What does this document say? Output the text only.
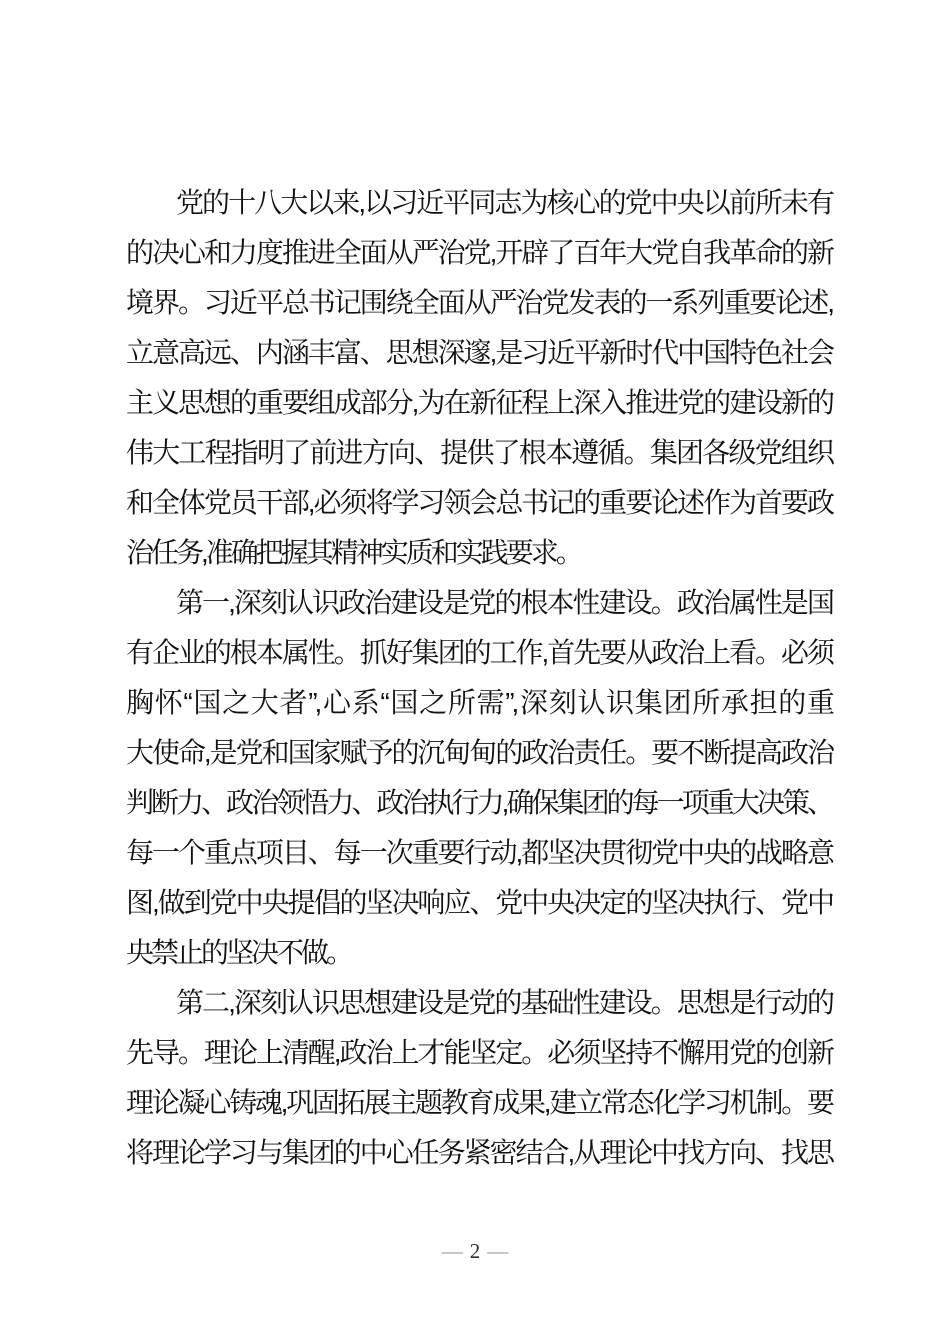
党的十八大以来,以习近平同志为核心的党中央以前所未有
的决心和力度推进全面从严治党,开辟了百年大党自我革命的新
境界。习近平总书记围绕全面从严治党发表的一系列重要论述,
立意高远、内涵丰富、思想深邃,是习近平新时代中国特色社会
主义思想的重要组成部分,为在新征程上深入推进党的建设新的
伟大工程指明了前进方向、提供了根本遵循。集团各级党组织
和全体党员干部,必须将学习领会总书记的重要论述作为首要政
治任务,准确把握其精神实质和实践要求。
第一,深刻认识政治建设是党的根本性建设。政治属性是国
有企业的根本属性。抓好集团的工作,首先要从政治上看。必须
胸怀“国之大者”,心系“国之所需”,深刻认识集团所承担的重
大使命,是党和国家赋予的沉甸甸的政治责任。要不断提高政治
判断力、政治领悟力、政治执行力,确保集团的每一项重大决策、
每一个重点项目、每一次重要行动,都坚决贯彻党中央的战略意
图,做到党中央提倡的坚决响应、党中央决定的坚决执行、党中
央禁止的坚决不做。
第二,深刻认识思想建设是党的基础性建设。思想是行动的
先导。理论上清醒,政治上才能坚定。必须坚持不懈用党的创新
理论凝心铸魂,巩固拓展主题教育成果,建立常态化学习机制。要
将理论学习与集团的中心任务紧密结合,从理论中找方向、找思
— 2 —
